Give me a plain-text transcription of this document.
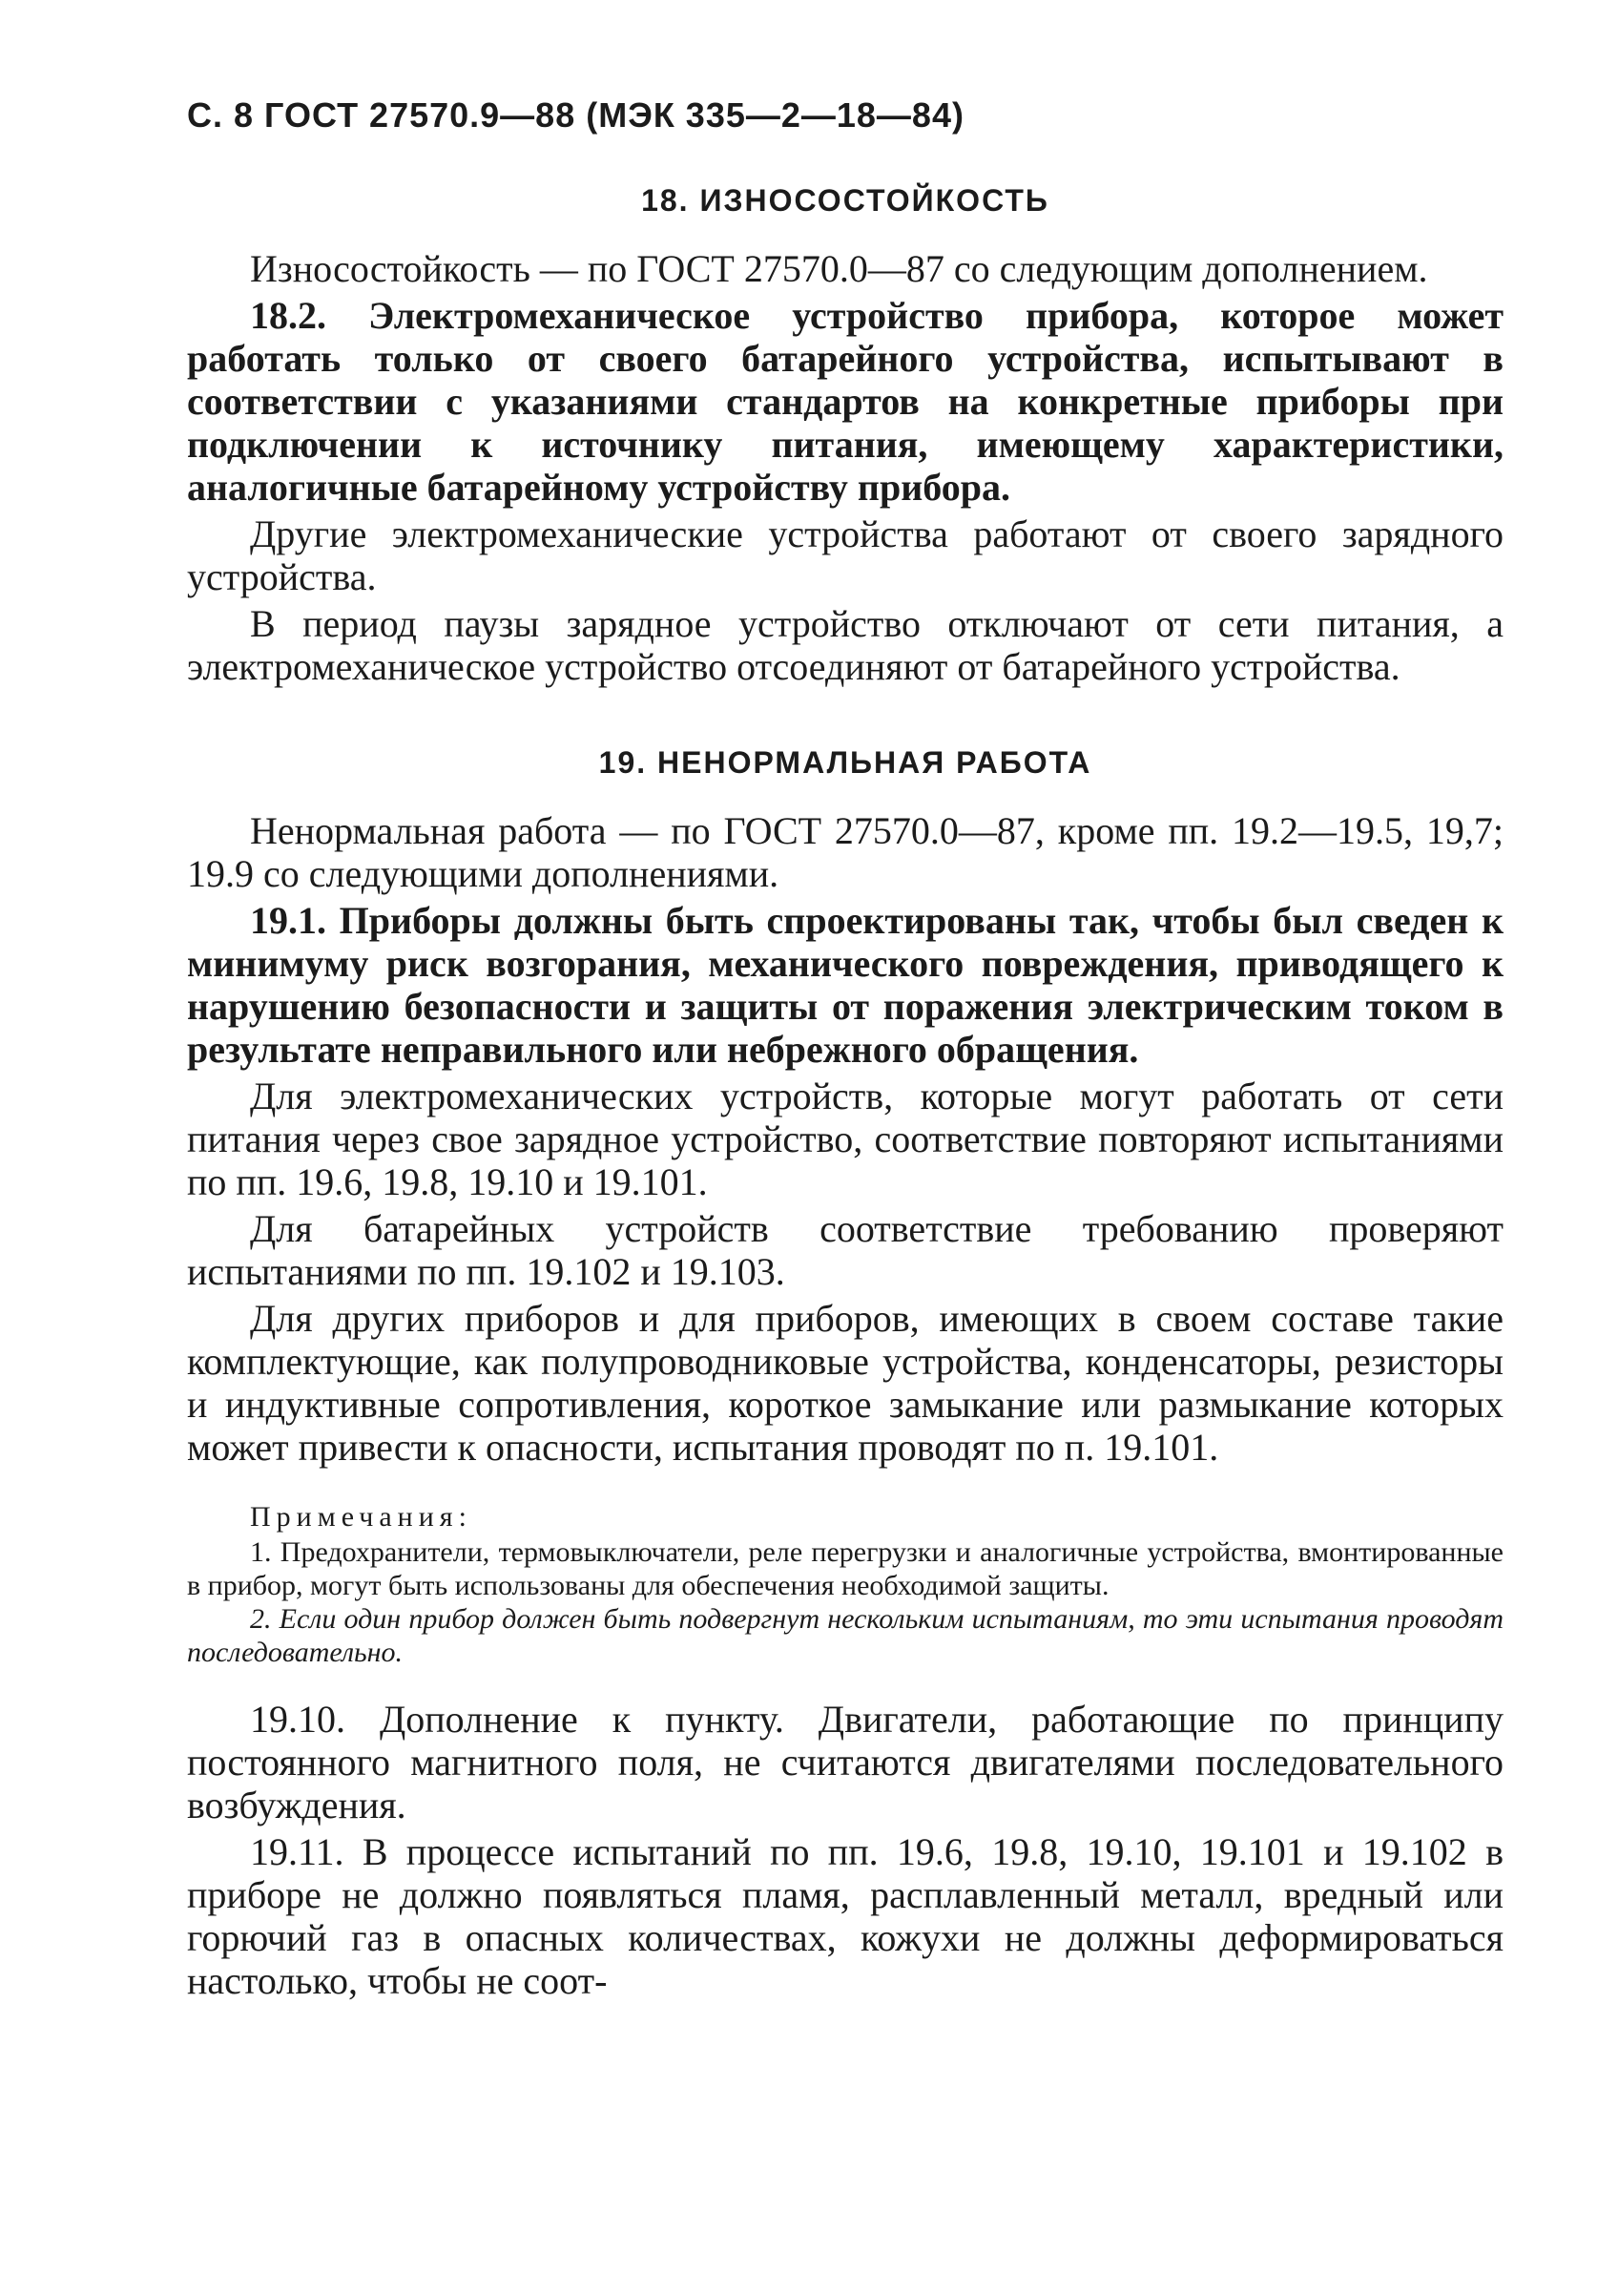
С. 8 ГОСТ 27570.9—88 (МЭК 335—2—18—84)
18. ИЗНОСОСТОЙКОСТЬ

Износостойкость — по ГОСТ 27570.0—87 со следующим дополнением.

18.2. Электромеханическое устройство прибора, которое может работать только от своего батарейного устройства, испытывают в соответствии с указаниями стандартов на конкретные приборы при подключении к источнику питания, имеющему характеристики, аналогичные батарейному устройству прибора.

Другие электромеханические устройства работают от своего зарядного устройства.

В период паузы зарядное устройство отключают от сети питания, а электромеханическое устройство отсоединяют от батарейного устройства.

19. НЕНОРМАЛЬНАЯ РАБОТА

Ненормальная работа — по ГОСТ 27570.0—87, кроме пп. 19.2—19.5, 19,7; 19.9 со следующими дополнениями.

19.1. Приборы должны быть спроектированы так, чтобы был сведен к минимуму риск возгорания, механического повреждения, приводящего к нарушению безопасности и защиты от поражения электрическим током в результате неправильного или небрежного обращения.

Для электромеханических устройств, которые могут работать от сети питания через свое зарядное устройство, соответствие повторяют испытаниями по пп. 19.6, 19.8, 19.10 и 19.101.

Для батарейных устройств соответствие требованию проверяют испытаниями по пп. 19.102 и 19.103.

Для других приборов и для приборов, имеющих в своем составе такие комплектующие, как полупроводниковые устройства, конденсаторы, резисторы и индуктивные сопротивления, короткое замыкание или размыкание которых может привести к опасности, испытания проводят по п. 19.101.

Примечания:

1. Предохранители, термовыключатели, реле перегрузки и аналогичные устройства, вмонтированные в прибор, могут быть использованы для обеспечения необходимой защиты.

2. Если один прибор должен быть подвергнут нескольким испытаниям, то эти испытания проводят последовательно.

19.10. Дополнение к пункту. Двигатели, работающие по принципу постоянного магнитного поля, не считаются двигателями последовательного возбуждения.

19.11. В процессе испытаний по пп. 19.6, 19.8, 19.10, 19.101 и 19.102 в приборе не должно появляться пламя, расплавленный металл, вредный или горючий газ в опасных количествах, кожухи не должны деформироваться настолько, чтобы не соот-
